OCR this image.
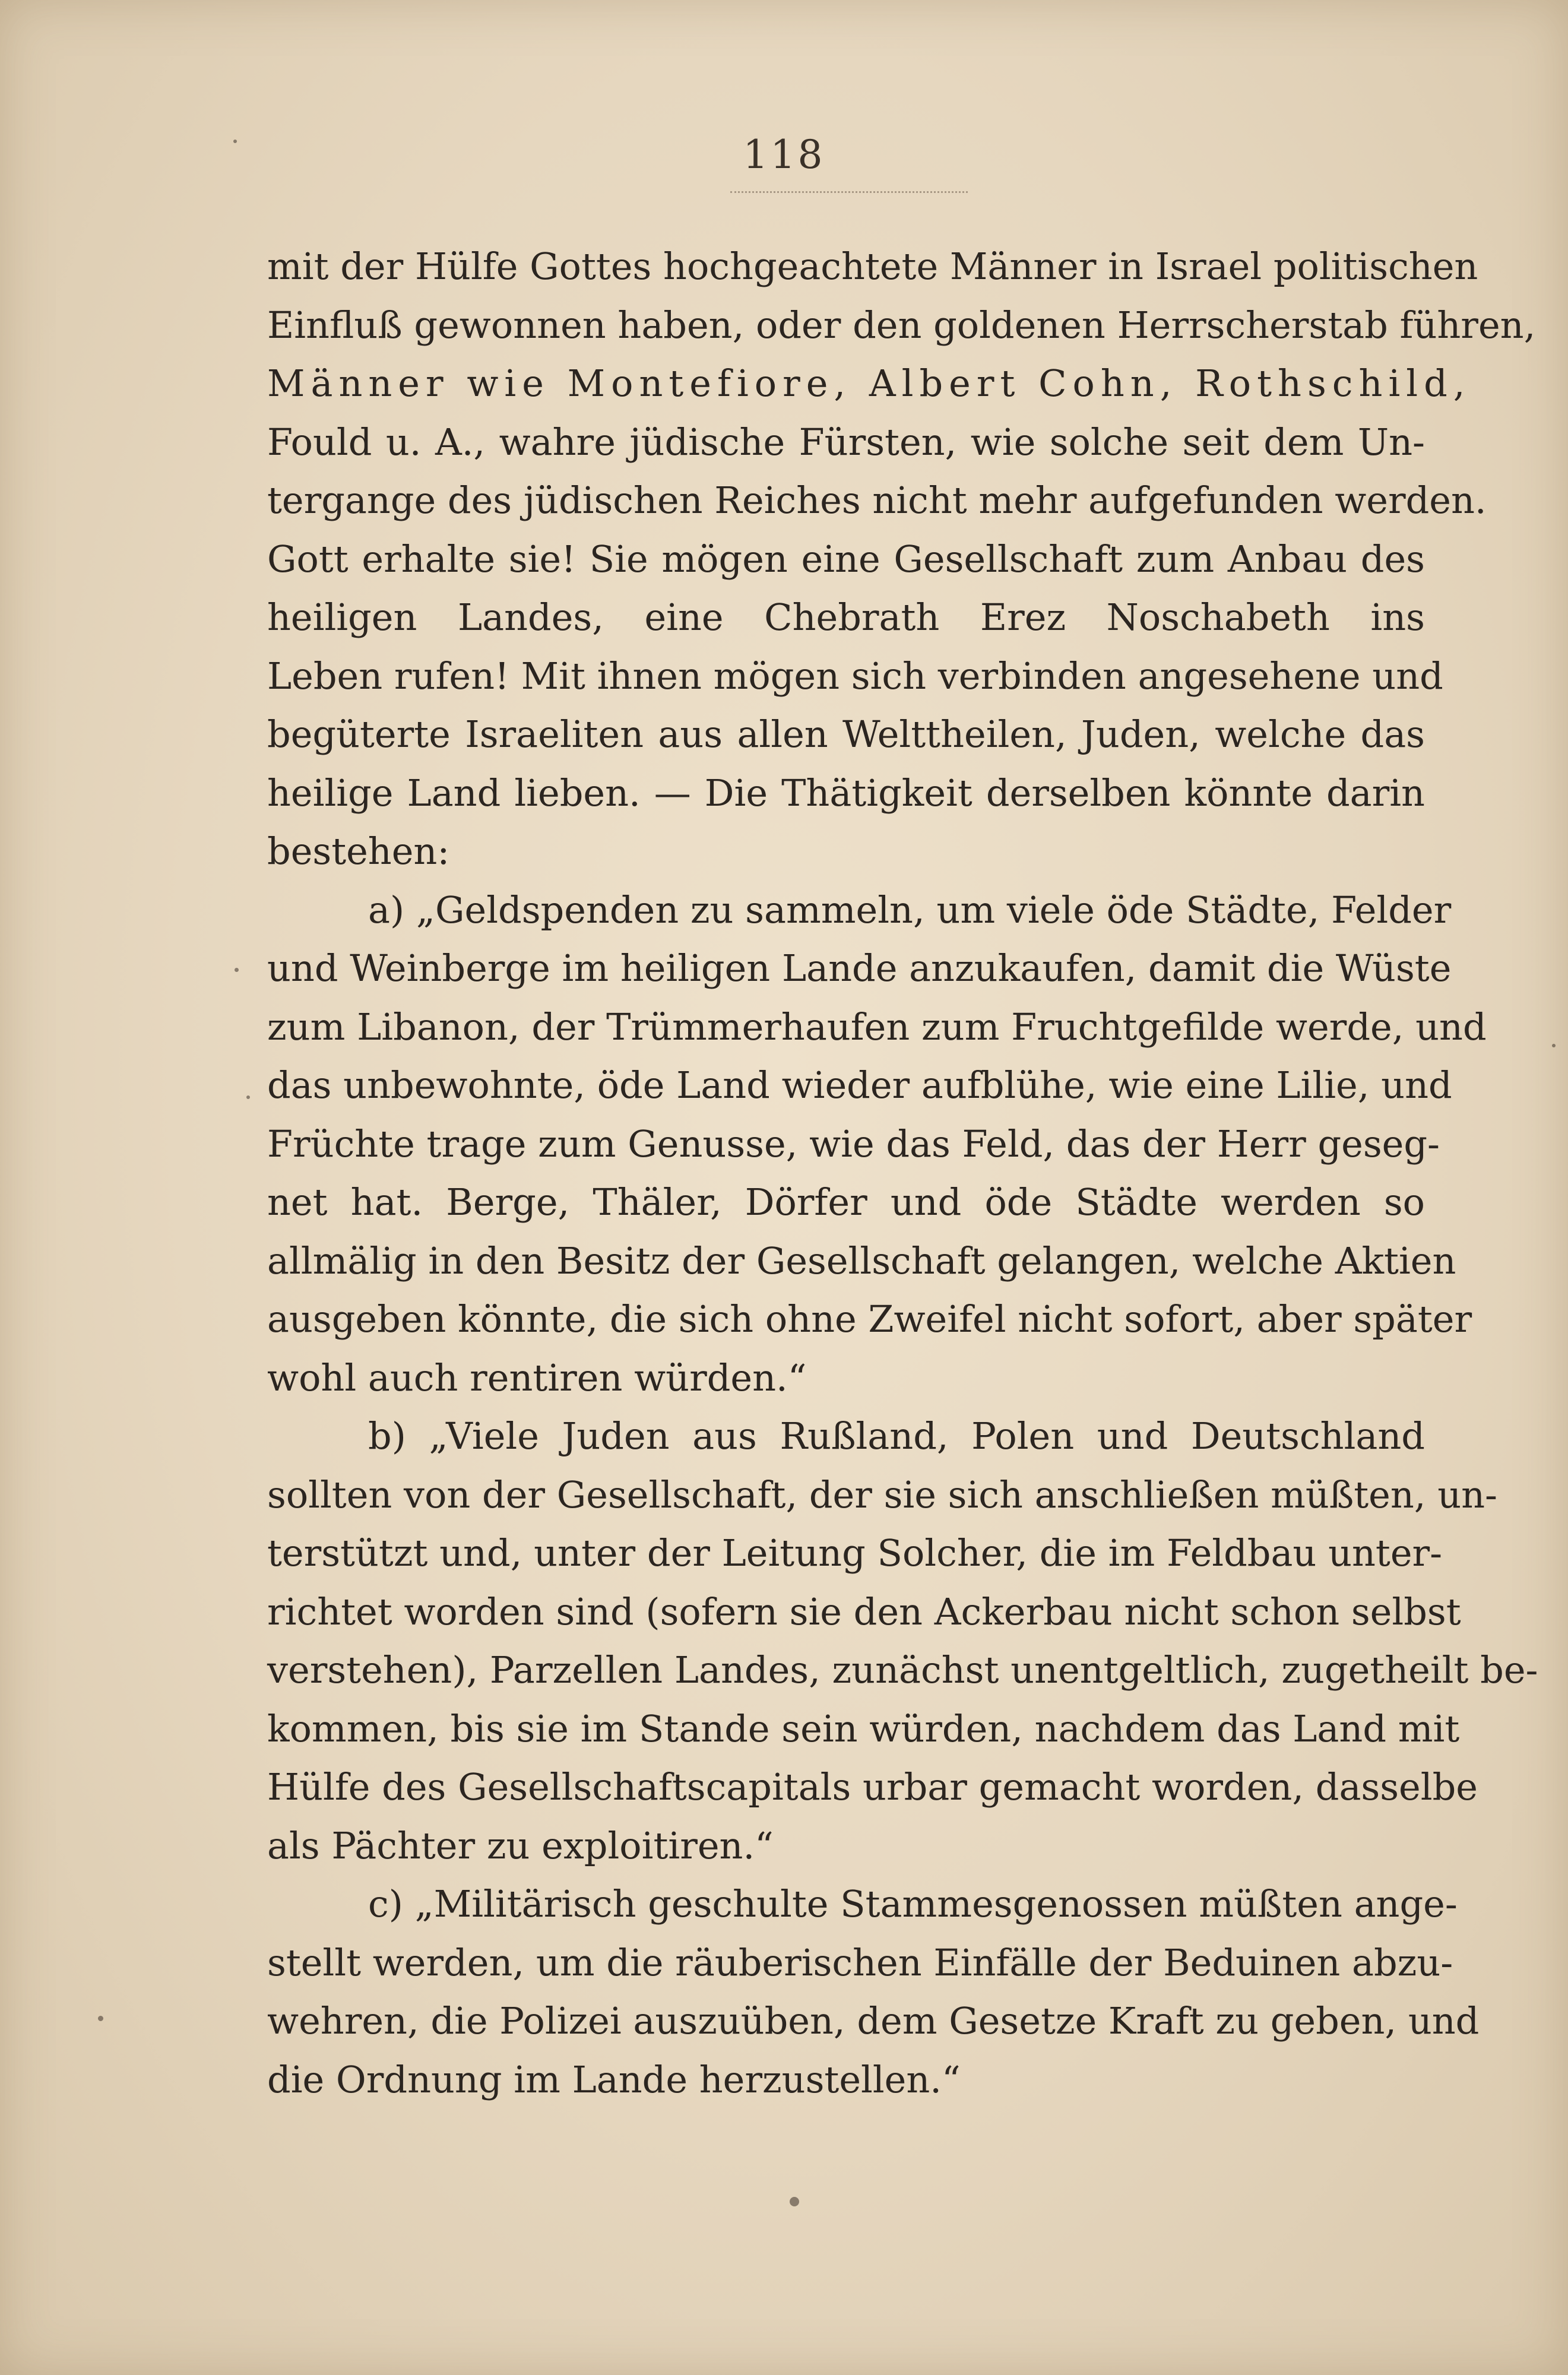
118
mit der Hülfe Gottes hochgeachtete Männer in Israel politischen
Einfluß gewonnen haben, oder den goldenen Herrscherstab führen,
Männer wie Montefiore, Albert Cohn, Rothschild,
Fould u. A., wahre jüdische Fürsten, wie solche seit dem Un-
tergange des jüdischen Reiches nicht mehr aufgefunden werden.
Gott erhalte sie! Sie mögen eine Gesellschaft zum Anbau des
heiligen Landes, eine Chebrath Erez Noschabeth ins
Leben rufen! Mit ihnen mögen sich verbinden angesehene und
begüterte Israeliten aus allen Welttheilen, Juden, welche das
heilige Land lieben. — Die Thätigkeit derselben könnte darin
bestehen:
a) „Geldspenden zu sammeln, um viele öde Städte, Felder
und Weinberge im heiligen Lande anzukaufen, damit die Wüste
zum Libanon, der Trümmerhaufen zum Fruchtgefilde werde, und
das unbewohnte, öde Land wieder aufblühe, wie eine Lilie, und
Früchte trage zum Genusse, wie das Feld, das der Herr geseg-
net hat. Berge, Thäler, Dörfer und öde Städte werden so
allmälig in den Besitz der Gesellschaft gelangen, welche Aktien
ausgeben könnte, die sich ohne Zweifel nicht sofort, aber später
wohl auch rentiren würden.“
b) „Viele Juden aus Rußland, Polen und Deutschland
sollten von der Gesellschaft, der sie sich anschließen müßten, un-
terstützt und, unter der Leitung Solcher, die im Feldbau unter-
richtet worden sind (sofern sie den Ackerbau nicht schon selbst
verstehen), Parzellen Landes, zunächst unentgeltlich, zugetheilt be-
kommen, bis sie im Stande sein würden, nachdem das Land mit
Hülfe des Gesellschaftscapitals urbar gemacht worden, dasselbe
als Pächter zu exploitiren.“
c) „Militärisch geschulte Stammesgenossen müßten ange-
stellt werden, um die räuberischen Einfälle der Beduinen abzu-
wehren, die Polizei auszuüben, dem Gesetze Kraft zu geben, und
die Ordnung im Lande herzustellen.“
